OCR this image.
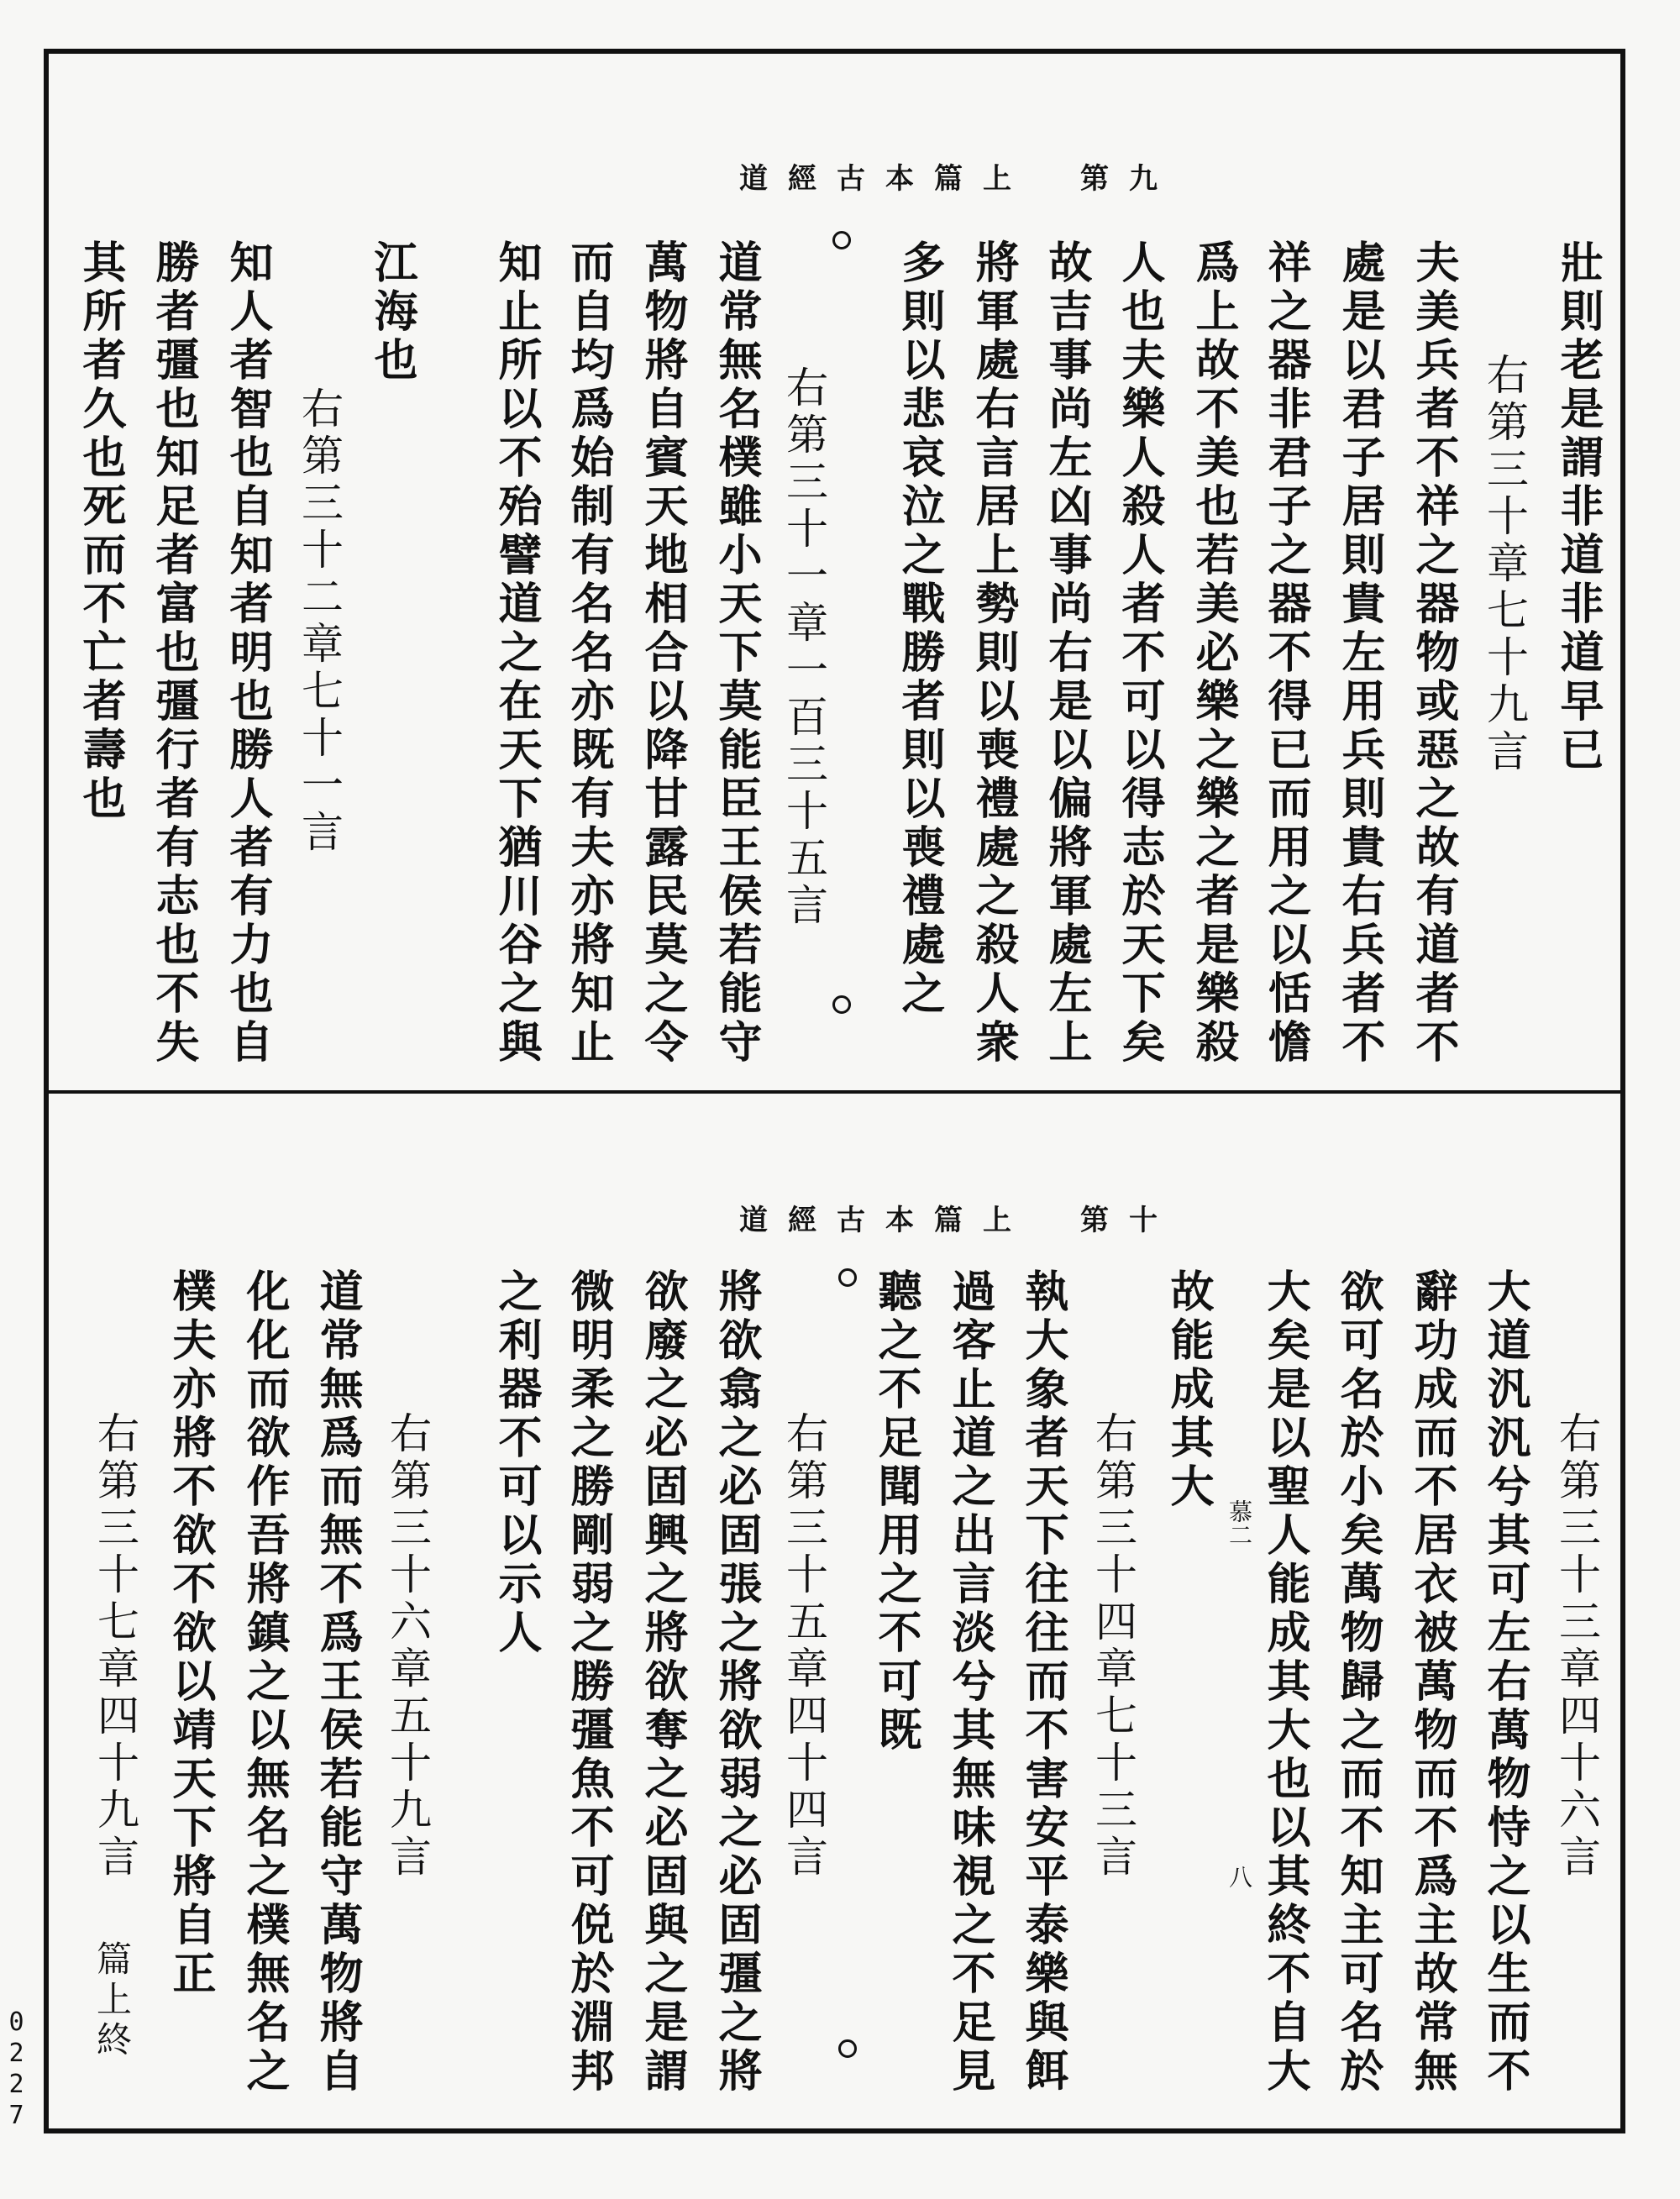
道經古本篇上　第九
壯則老是謂非道非道早已
右第三十章七十九言
夫美兵者不祥之器物或惡之故有道者不
處是以君子居則貴左用兵則貴右兵者不
祥之器非君子之器不得已而用之以恬憺
爲上故不美也若美必樂之樂之者是樂殺
人也夫樂人殺人者不可以得志於天下矣
故吉事尚左凶事尚右是以偏將軍處左上
將軍處右言居上勢則以喪禮處之殺人衆
多則以悲哀泣之戰勝者則以喪禮處之
右第三十一章一百三十五言
道常無名樸雖小天下莫能臣王侯若能守
萬物將自賓天地相合以降甘露民莫之令
而自均爲始制有名名亦既有夫亦將知止
知止所以不殆譬道之在天下猶川谷之與
江海也
右第三十二章七十一言
知人者智也自知者明也勝人者有力也自
勝者彊也知足者富也彊行者有志也不失
其所者久也死而不亡者壽也
道經古本篇上　第十
右第三十三章四十六言
大道汎汎兮其可左右萬物恃之以生而不
辭功成而不居衣被萬物而不爲主故常無
欲可名於小矣萬物歸之而不知主可名於
大矣是以聖人能成其大也以其終不自大
故能成其大
右第三十四章七十三言
執大象者天下往往而不害安平泰樂與餌
過客止道之出言淡兮其無味視之不足見
聽之不足聞用之不可既
右第三十五章四十四言
將欲翕之必固張之將欲弱之必固彊之將
欲廢之必固興之將欲奪之必固與之是謂
微明柔之勝剛弱之勝彊魚不可侻於淵邦
之利器不可以示人
右第三十六章五十九言
道常無爲而無不爲王侯若能守萬物將自
化化而欲作吾將鎮之以無名之樸無名之
樸夫亦將不欲不欲以靖天下將自正
右第三十七章四十九言	慕二
八
篇上終
0227
